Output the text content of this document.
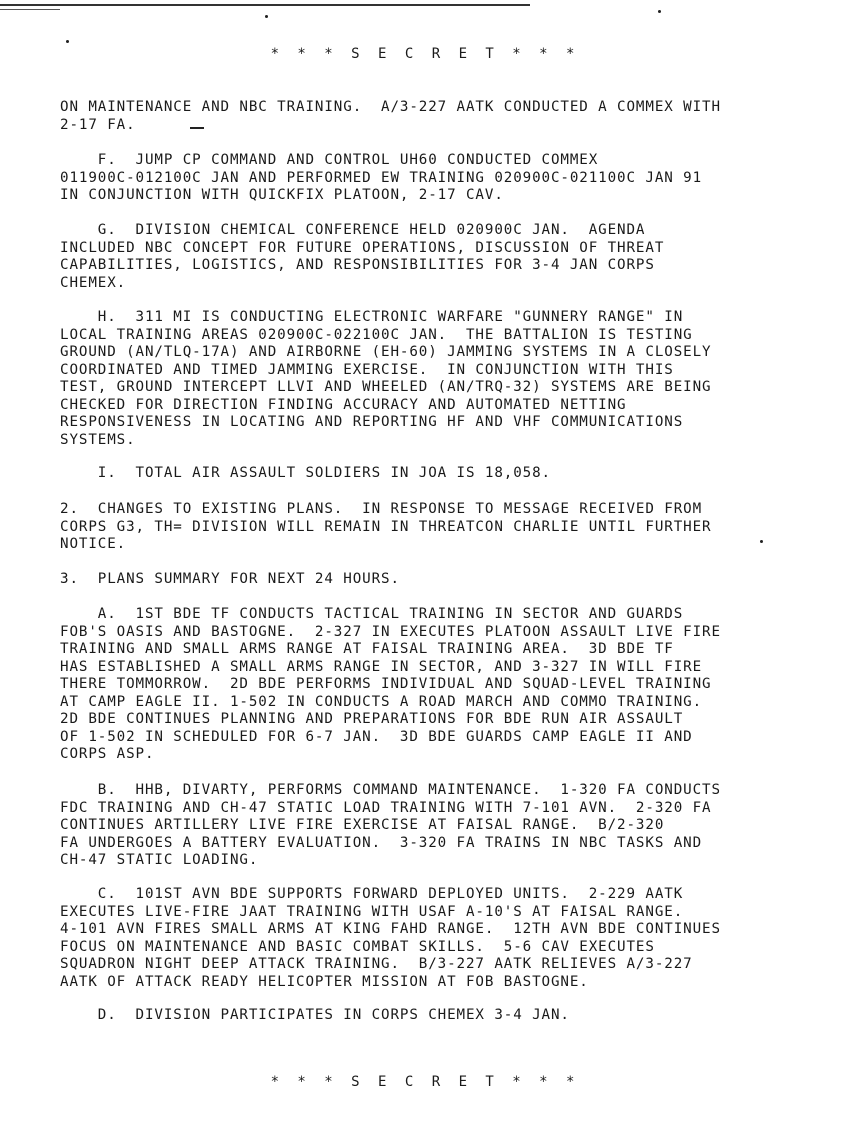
* * * S E C R E T * * *
ON MAINTENANCE AND NBC TRAINING.  A/3-227 AATK CONDUCTED A COMMEX WITH
2-17 FA.
F.  JUMP CP COMMAND AND CONTROL UH60 CONDUCTED COMMEX
011900C-012100C JAN AND PERFORMED EW TRAINING 020900C-021100C JAN 91
IN CONJUNCTION WITH QUICKFIX PLATOON, 2-17 CAV.
G.  DIVISION CHEMICAL CONFERENCE HELD 020900C JAN.  AGENDA
INCLUDED NBC CONCEPT FOR FUTURE OPERATIONS, DISCUSSION OF THREAT
CAPABILITIES, LOGISTICS, AND RESPONSIBILITIES FOR 3-4 JAN CORPS
CHEMEX.
H.  311 MI IS CONDUCTING ELECTRONIC WARFARE "GUNNERY RANGE" IN
LOCAL TRAINING AREAS 020900C-022100C JAN.  THE BATTALION IS TESTING
GROUND (AN/TLQ-17A) AND AIRBORNE (EH-60) JAMMING SYSTEMS IN A CLOSELY
COORDINATED AND TIMED JAMMING EXERCISE.  IN CONJUNCTION WITH THIS
TEST, GROUND INTERCEPT LLVI AND WHEELED (AN/TRQ-32) SYSTEMS ARE BEING
CHECKED FOR DIRECTION FINDING ACCURACY AND AUTOMATED NETTING
RESPONSIVENESS IN LOCATING AND REPORTING HF AND VHF COMMUNICATIONS
SYSTEMS.
I.  TOTAL AIR ASSAULT SOLDIERS IN JOA IS 18,058.
2.  CHANGES TO EXISTING PLANS.  IN RESPONSE TO MESSAGE RECEIVED FROM
CORPS G3, TH= DIVISION WILL REMAIN IN THREATCON CHARLIE UNTIL FURTHER
NOTICE.
3.  PLANS SUMMARY FOR NEXT 24 HOURS.
A.  1ST BDE TF CONDUCTS TACTICAL TRAINING IN SECTOR AND GUARDS
FOB'S OASIS AND BASTOGNE.  2-327 IN EXECUTES PLATOON ASSAULT LIVE FIRE
TRAINING AND SMALL ARMS RANGE AT FAISAL TRAINING AREA.  3D BDE TF
HAS ESTABLISHED A SMALL ARMS RANGE IN SECTOR, AND 3-327 IN WILL FIRE
THERE TOMMORROW.  2D BDE PERFORMS INDIVIDUAL AND SQUAD-LEVEL TRAINING
AT CAMP EAGLE II. 1-502 IN CONDUCTS A ROAD MARCH AND COMMO TRAINING.
2D BDE CONTINUES PLANNING AND PREPARATIONS FOR BDE RUN AIR ASSAULT
OF 1-502 IN SCHEDULED FOR 6-7 JAN.  3D BDE GUARDS CAMP EAGLE II AND
CORPS ASP.
B.  HHB, DIVARTY, PERFORMS COMMAND MAINTENANCE.  1-320 FA CONDUCTS
FDC TRAINING AND CH-47 STATIC LOAD TRAINING WITH 7-101 AVN.  2-320 FA
CONTINUES ARTILLERY LIVE FIRE EXERCISE AT FAISAL RANGE.  B/2-320
FA UNDERGOES A BATTERY EVALUATION.  3-320 FA TRAINS IN NBC TASKS AND
CH-47 STATIC LOADING.
C.  101ST AVN BDE SUPPORTS FORWARD DEPLOYED UNITS.  2-229 AATK
EXECUTES LIVE-FIRE JAAT TRAINING WITH USAF A-10'S AT FAISAL RANGE.
4-101 AVN FIRES SMALL ARMS AT KING FAHD RANGE.  12TH AVN BDE CONTINUES
FOCUS ON MAINTENANCE AND BASIC COMBAT SKILLS.  5-6 CAV EXECUTES
SQUADRON NIGHT DEEP ATTACK TRAINING.  B/3-227 AATK RELIEVES A/3-227
AATK OF ATTACK READY HELICOPTER MISSION AT FOB BASTOGNE.
D.  DIVISION PARTICIPATES IN CORPS CHEMEX 3-4 JAN.
* * * S E C R E T * * *
